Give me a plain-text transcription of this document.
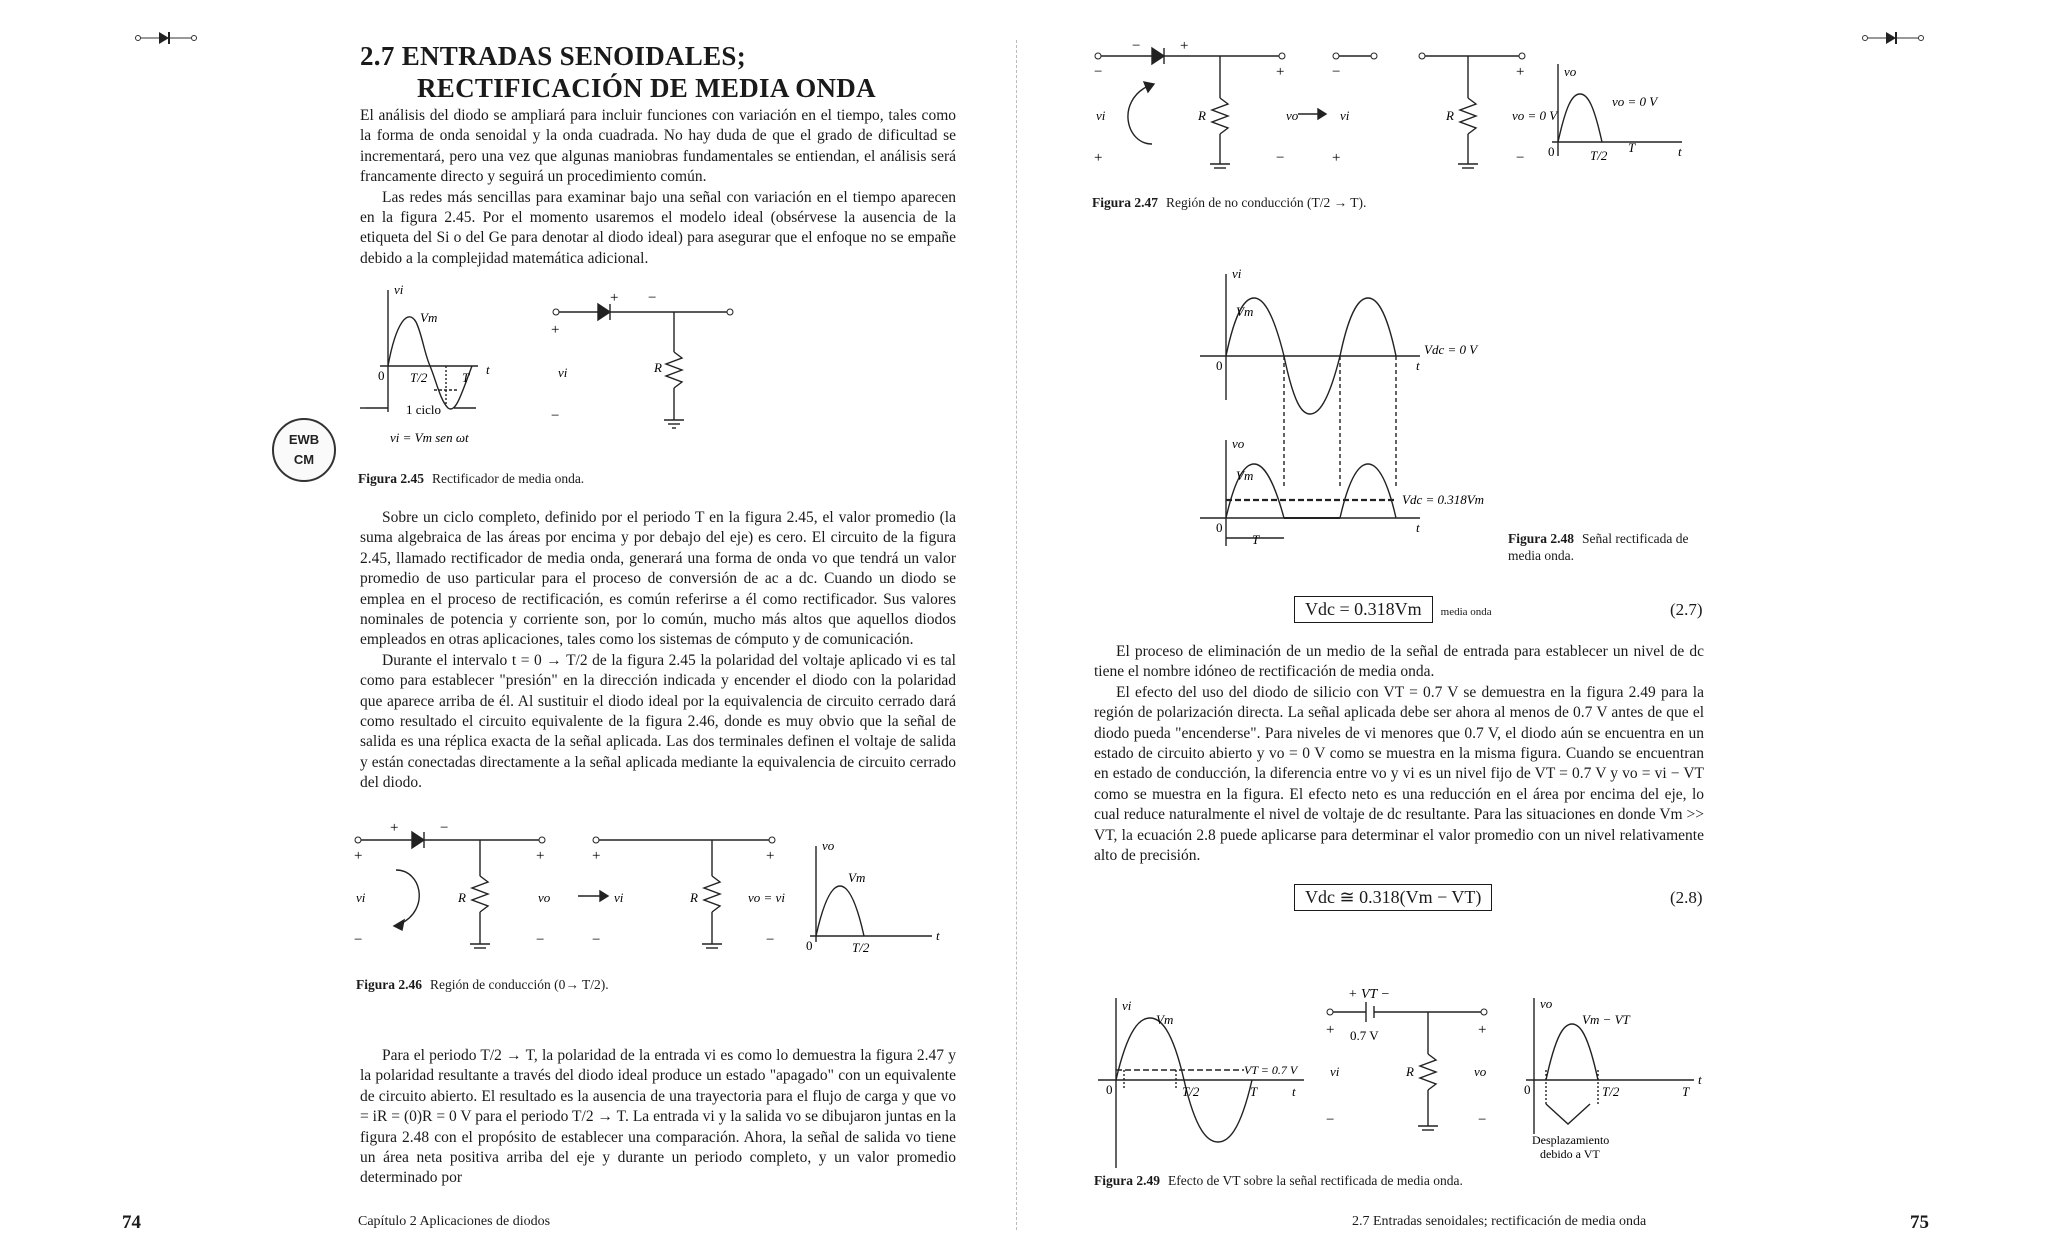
2.7 ENTRADAS SENOIDALES;
RECTIFICACIÓN DE MEDIA ONDA

El análisis del diodo se ampliará para incluir funciones con variación en el tiempo, tales como la forma de onda senoidal y la onda cuadrada. No hay duda de que el grado de dificultad se incrementará, pero una vez que algunas maniobras fundamentales se entiendan, el análisis será francamente directo y seguirá un procedimiento común.

Las redes más sencillas para examinar bajo una señal con variación en el tiempo aparecen en la figura 2.45. Por el momento usaremos el modelo ideal (obsérvese la ausencia de la etiqueta del Si o del Ge para denotar al diodo ideal) para asegurar que el enfoque no se empañe debido a la complejidad matemática adicional.

vi
Vm
0 T/2	T
t
1 ciclo
vi = Vm sen ωt
+ −
+
−
vi	R
Figura 2.45 Rectificador de media onda.
EWB CM

Sobre un ciclo completo, definido por el periodo T en la figura 2.45, el valor promedio (la suma algebraica de las áreas por encima y por debajo del eje) es cero. El circuito de la figura 2.45, llamado rectificador de media onda, generará una forma de onda vo que tendrá un valor promedio de uso particular para el proceso de conversión de ac a dc. Cuando un diodo se emplea en el proceso de rectificación, es común referirse a él como rectificador. Sus valores nominales de potencia y corriente son, por lo común, mucho más altos que aquellos diodos empleados en otras aplicaciones, tales como los sistemas de cómputo y de comunicación.

Durante el intervalo t = 0 → T/2 de la figura 2.45 la polaridad del voltaje aplicado vi es tal como para establecer "presión" en la dirección indicada y encender el diodo con la polaridad que aparece arriba de él. Al sustituir el diodo ideal por la equivalencia de circuito cerrado dará como resultado el circuito equivalente de la figura 2.46, donde es muy obvio que la señal de salida es una réplica exacta de la señal aplicada. Las dos terminales definen el voltaje de salida y están conectadas directamente a la señal aplicada mediante la equivalencia de circuito cerrado del diodo.

+	−
+	+
−	−
vi	R	vo	vi
+
−
R	vo = vi
+
−
vo
Vm
0	T/2
t
Figura 2.46 Región de conducción (0→ T/2).

Para el periodo T/2 → T, la polaridad de la entrada vi es como lo demuestra la figura 2.47 y la polaridad resultante a través del diodo ideal produce un estado "apagado" con un equivalente de circuito abierto. El resultado es la ausencia de una trayectoria para el flujo de carga y que vo = iR = (0)R = 0 V para el periodo T/2 → T. La entrada vi y la salida vo se dibujaron juntas en la figura 2.48 con el propósito de establecer una comparación. Ahora, la señal de salida vo tiene un área neta positiva arriba del eje y durante un periodo completo, y un valor promedio determinado por

74	Capítulo 2 Aplicaciones de diodos
−	+
−
+
+
−
vi	R	vo	vi
−
+
R	vo = 0 V
+
−
vo
vo = 0 V
0	T/2
T	t
Figura 2.47 Región de no conducción (T/2 → T).
vi
Vm
0	t
Vdc = 0 V
vo
Vm
Vdc = 0.318Vm
0	t
T	Figura 2.48 Señal rectificada de media onda.
Vdc = 0.318Vm media onda	(2.7)

El proceso de eliminación de un medio de la señal de entrada para establecer un nivel de dc tiene el nombre idóneo de rectificación de media onda.

El efecto del uso del diodo de silicio con VT = 0.7 V se demuestra en la figura 2.49 para la región de polarización directa. La señal aplicada debe ser ahora al menos de 0.7 V antes de que el diodo pueda "encenderse". Para niveles de vi menores que 0.7 V, el diodo aún se encuentra en un estado de circuito abierto y vo = 0 V como se muestra en la misma figura. Cuando se encuentran en estado de conducción, la diferencia entre vo y vi es un nivel fijo de VT = 0.7 V y vo = vi − VT como se muestra en la figura. El efecto neto es una reducción en el área por encima del eje, lo cual reduce naturalmente el nivel de voltaje de dc resultante. Para las situaciones en donde Vm >> VT, la ecuación 2.8 puede aplicarse para determinar el valor promedio con un nivel relativamente alto de precisión.

Vdc ≅ 0.318(Vm − VT)	(2.8)
vi
Vm
VT = 0.7 V
0	T/2	T	t
+ VT −
+	+
0.7 V
vi	R	vo
−	−
vo
Vm − VT
0	T/2	T
t
Desplazamiento
debido a VT
Figura 2.49 Efecto de VT sobre la señal rectificada de media onda.
2.7 Entradas senoidales; rectificación de media onda	75
